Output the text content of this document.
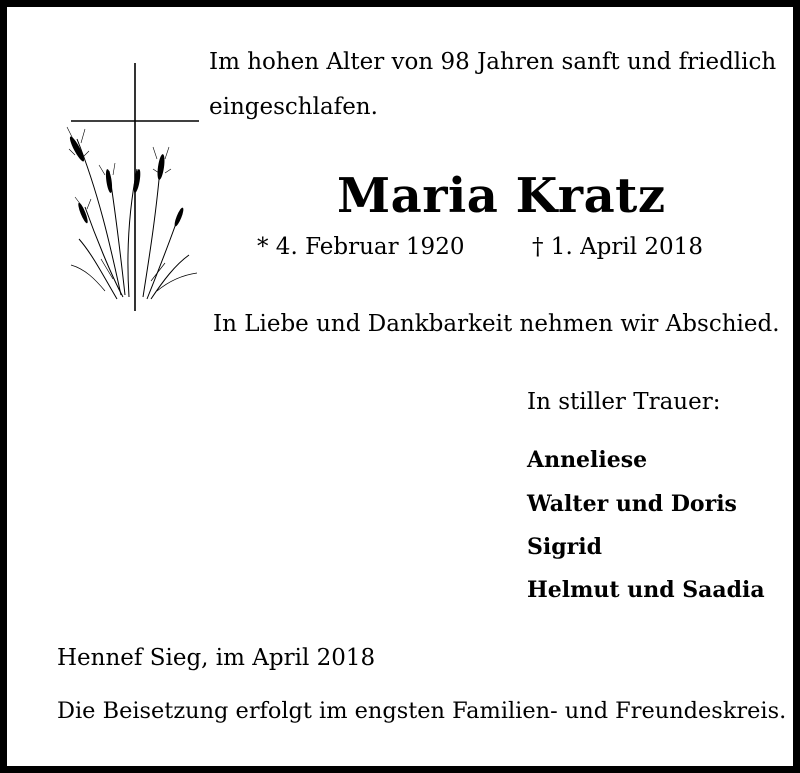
Im hohen Alter von 98 Jahren sanft und friedlich
eingeschlafen.
Maria Kratz
* 4. Februar 1920	† 1. April 2018
In Liebe und Dankbarkeit nehmen wir Abschied.
In stiller Trauer:
Anneliese
Walter und Doris
Sigrid
Helmut und Saadia
Hennef Sieg, im April 2018
Die Beisetzung erfolgt im engsten Familien- und Freundeskreis.
